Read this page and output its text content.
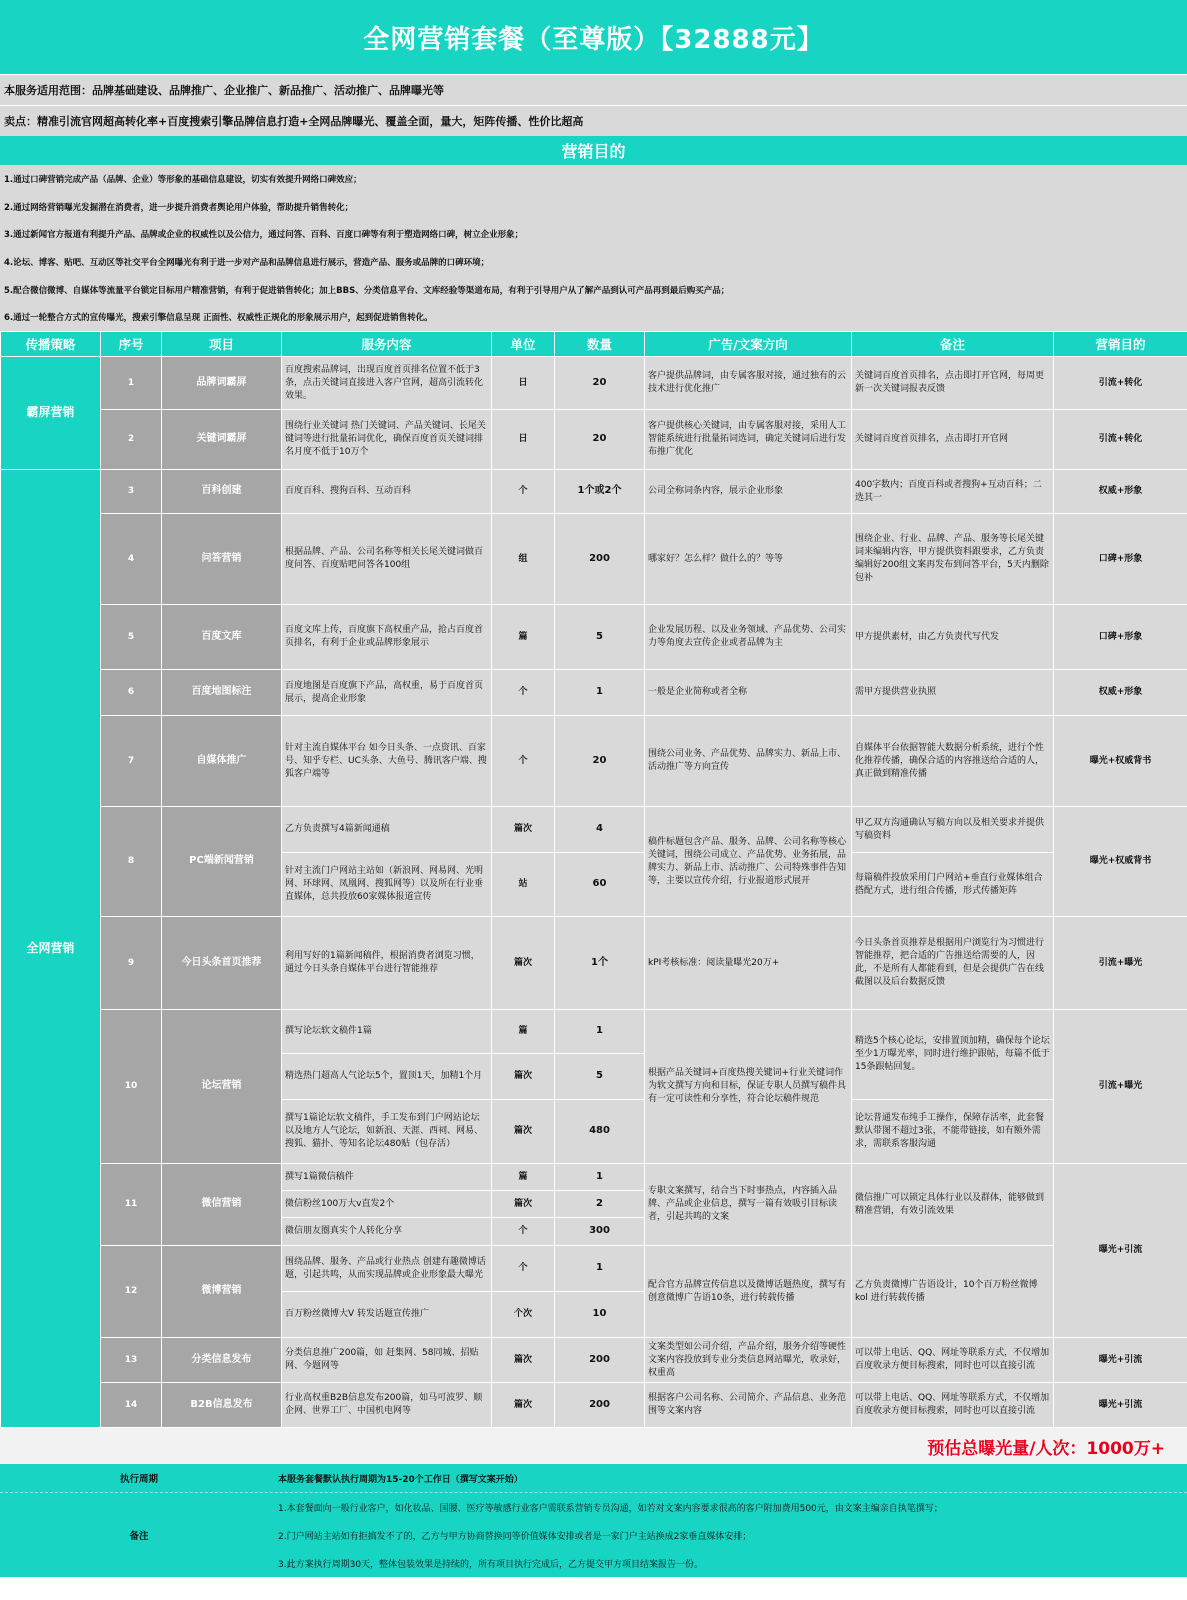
全网营销套餐（至尊版）【32888元】
本服务适用范围：品牌基础建设、品牌推广、企业推广、新品推广、活动推广、品牌曝光等
卖点：精准引流官网超高转化率+百度搜索引擎品牌信息打造+全网品牌曝光、覆盖全面，量大，矩阵传播、性价比超高
营销目的
1.通过口碑营销完成产品（品牌、企业）等形象的基础信息建设，切实有效提升网络口碑效应；
2.通过网络营销曝光发掘潜在消费者，进一步提升消费者舆论用户体验，帮助提升销售转化；
3.通过新闻官方报道有利提升产品、品牌或企业的权威性以及公信力，通过问答、百科、百度口碑等有利于塑造网络口碑，树立企业形象；
4.论坛、博客、贴吧、互动区等社交平台全网曝光有利于进一步对产品和品牌信息进行展示，营造产品、服务或品牌的口碑环境；
5.配合微信微博、自媒体等流量平台锁定目标用户精准营销，有利于促进销售转化；加上BBS、分类信息平台、文库经验等渠道布局，有利于引导用户从了解产品到认可产品再到最后购买产品；
6.通过一轮整合方式的宣传曝光，搜索引擎信息呈现 正面性、权威性正规化的形象展示用户，起到促进销售转化。
传播策略	序号	项目	服务内容	单位	数量	广告/文案方向	备注	营销目的
霸屏营销	1	品牌词霸屏	百度搜索品牌词，出现百度首页排名位置不低于3条，点击关键词直接进入客户官网，超高引流转化效果。	日	20	客户提供品牌词，由专属客服对接，通过独有的云技术进行优化推广	关键词百度首页排名，点击即打开官网，每周更新一次关键词报表反馈	引流+转化
	2	关键词霸屏	围绕行业关键词 热门关键词、产品关键词、长尾关键词等进行批量拓词优化，确保百度首页关键词排名月度不低于10万个	日	20	客户提供核心关键词，由专属客服对接，采用人工智能系统进行批量拓词选词，确定关键词后进行发布推广优化	关键词百度首页排名，点击即打开官网	引流+转化
全网营销	3	百科创建	百度百科、搜狗百科、互动百科	个	1个或2个	公司全称词条内容，展示企业形象	400字数内；百度百科或者搜狗+互动百科；二选其一	权威+形象
	4	问答营销	根据品牌、产品、公司名称等相关长尾关键词做百度问答、百度贴吧问答各100组	组	200	哪家好？怎么样？做什么的？等等	围绕企业、行业、品牌、产品、服务等长尾关键词来编辑内容，甲方提供资料跟要求，乙方负责编辑好200组文案再发布到问答平台，5天内删除包补	口碑+形象
	5	百度文库	百度文库上传，百度旗下高权重产品，抢占百度首页排名，有利于企业或品牌形象展示	篇	5	企业发展历程、以及业务领域、产品优势、公司实力等角度去宣传企业或者品牌为主	甲方提供素材，由乙方负责代写代发	口碑+形象
	6	百度地图标注	百度地图是百度旗下产品，高权重，易于百度首页展示，提高企业形象	个	1	一般是企业简称或者全称	需甲方提供营业执照	权威+形象
	7	自媒体推广	针对主流自媒体平台 如今日头条、一点资讯、百家号、知乎专栏、UC头条、大鱼号、腾讯客户端、搜狐客户端等	个	20	围绕公司业务、产品优势、品牌实力、新品上市、活动推广等方向宣传	自媒体平台依据智能大数据分析系统，进行个性化推荐传播，确保合适的内容推送给合适的人，真正做到精准传播	曝光+权威背书
	8	PC端新闻营销	乙方负责撰写4篇新闻通稿	篇次	4	稿件标题包含产品、服务、品牌、公司名称等核心关键词，围绕公司成立、产品优势、业务拓展，品牌实力、新品上市、活动推广、公司特殊事件告知等，主要以宣传介绍，行业报道形式展开	甲乙双方沟通确认写稿方向以及相关要求并提供写稿资料	曝光+权威背书
			针对主流门户网站主站如（新浪网、网易网、光明网、环球网、凤凰网、搜狐网等）以及所在行业垂直媒体，总共投放60家媒体报道宣传	站	60		每篇稿件投放采用门户网站+垂直行业媒体组合搭配方式，进行组合传播，形式传播矩阵	
	9	今日头条首页推荐	利用写好的1篇新闻稿件，根据消费者浏览习惯，通过今日头条自媒体平台进行智能推荐	篇次	1个	kPI考核标准：阅读量曝光20万+	今日头条首页推荐是根据用户浏览行为习惯进行智能推荐，把合适的广告推送给需要的人，因此，不是所有人都能看到，但是会提供广告在线截图以及后台数据反馈	引流+曝光
	10	论坛营销	撰写论坛软文稿件1篇	篇	1	根据产品关键词+百度热搜关键词+行业关键词作为软文撰写方向和目标，保证专职人员撰写稿件具有一定可读性和分享性，符合论坛稿件规范	精选5个核心论坛，安排置顶加精，确保每个论坛至少1万曝光率，同时进行维护跟帖，每篇不低于15条跟帖回复。	引流+曝光
			精选热门超高人气论坛5个，置顶1天，加精1个月	篇次	5			
			撰写1篇论坛软文稿件，手工发布到门户网站论坛以及地方人气论坛，如新浪、天涯、西祠、网易、搜狐、猫扑、等知名论坛480贴（包存活）	篇次	480		论坛普通发布纯手工操作，保障存活率，此套餐默认带图不超过3张，不能带链接，如有额外需求，需联系客服沟通	
	11	微信营销	撰写1篇微信稿件	篇	1	专职文案撰写，结合当下时事热点，内容插入品牌、产品或企业信息，撰写一篇有效吸引目标读者，引起共鸣的文案	微信推广可以锁定具体行业以及群体，能够做到精准营销，有效引流效果	曝光+引流
			微信粉丝100万大v直发2个	篇次	2			
			微信朋友圈真实个人转化分享	个	300			
	12	微博营销	围绕品牌、服务、产品或行业热点 创建有趣微博话题，引起共鸣，从而实现品牌或企业形象最大曝光	个	1	配合官方品牌宣传信息以及微博话题热度，撰写有创意微博广告语10条，进行转载传播	乙方负责微博广告语设计，10个百万粉丝微博kol 进行转载传播	
			百万粉丝微博大V 转发话题宣传推广	个次	10			
	13	分类信息发布	分类信息推广200篇，如 赶集网、58同城、招贴网、今题网等	篇次	200	文案类型如公司介绍，产品介绍，服务介绍等硬性文案内容投放到专业分类信息网站曝光，收录好，权重高	可以带上电话、QQ、网址等联系方式，不仅增加百度收录方便目标搜索，同时也可以直接引流	曝光+引流
	14	B2B信息发布	行业高权重B2B信息发布200篇，如马可波罗、顺企网、世界工厂、中国机电网等	篇次	200	根据客户公司名称、公司简介、产品信息、业务范围等文案内容	可以带上电话、QQ、网址等联系方式，不仅增加百度收录方便目标搜索，同时也可以直接引流	曝光+引流
预估总曝光量/人次：1000万+
执行周期	本服务套餐默认执行周期为15-20个工作日（撰写文案开始）
备注
1.本套餐面向一般行业客户，如化妆品、国腰、医疗等敏感行业客户需联系营销专员沟通，如若对文案内容要求很高的客户附加费用500元，由文案主编亲自执笔撰写；
2.门户网站主站如有拒搞发不了的，乙方与甲方协商替换同等价值媒体安排或者是一家门户主站换成2家垂直媒体安排；
3.此方案执行周期30天，整体包装效果是持续的，所有项目执行完成后，乙方提交甲方项目结案报告一份。
